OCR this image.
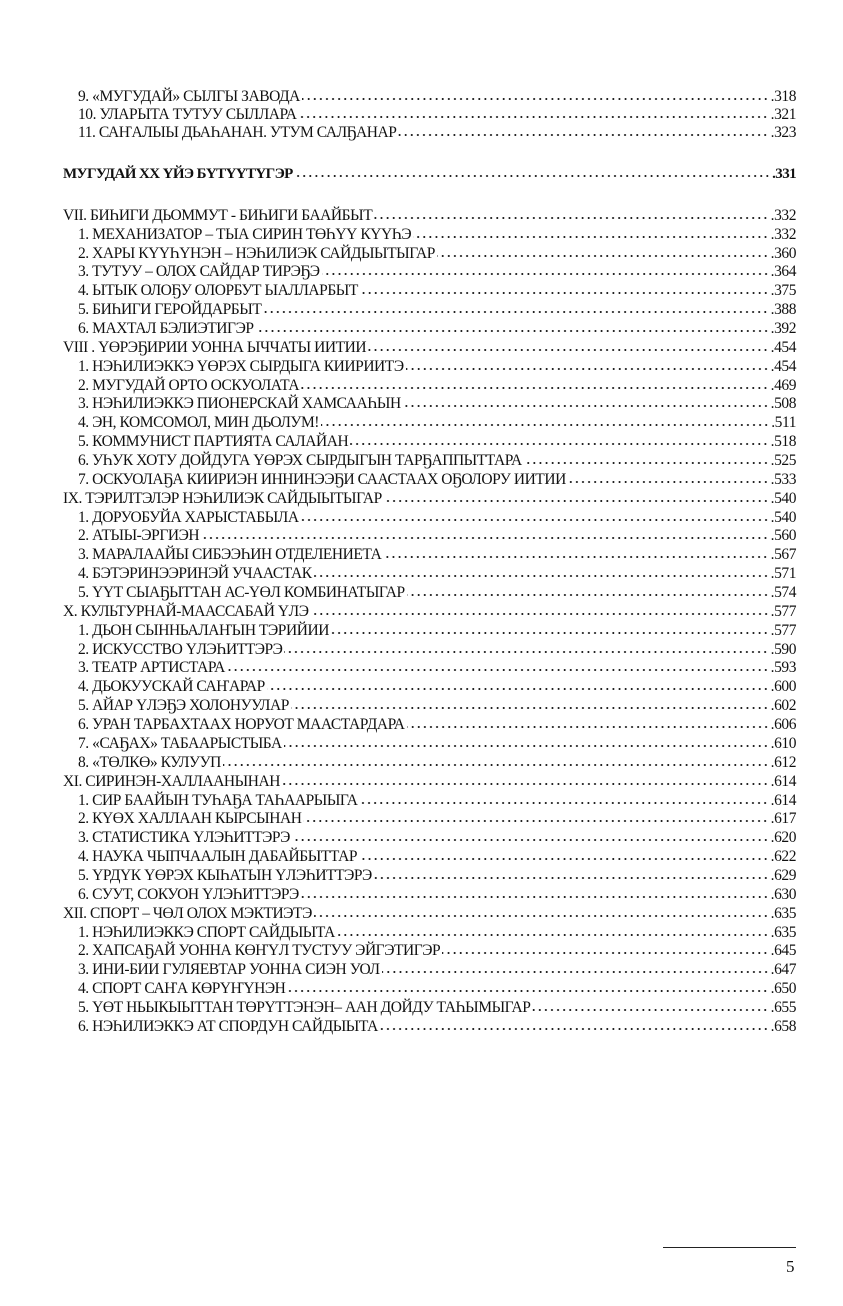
9. «МУГУДАЙ» СЫЛГЫ ЗАВОДА	.318
10. УЛАРЫТА ТУТУУ СЫЛЛАРА	.321
11. САҤАЛЫЫ ДЬАҺАНАН. УТУМ САЛҔАНАР	.323
МУГУДАЙ ХХ ҮЙЭ БҮТҮҮТҮГЭР	.331
VII. БИҺИГИ ДЬОММУТ - БИҺИГИ БААЙБЫТ	.332
1. МЕХАНИЗАТОР – ТЫА СИРИН ТӨҺҮҮ КҮҮҺЭ	.332
2. ХАРЫ КҮҮҺҮНЭН – НЭҺИЛИЭК САЙДЫЫТЫГАР	.360
3. ТУТУУ – ОЛОХ САЙДАР ТИРЭҔЭ	.364
4. ЫТЫК ОЛОҔУ ОЛОРБУТ ЫАЛЛАРБЫТ	.375
5. БИҺИГИ ГЕРОЙДАРБЫТ	.388
6. МАХТАЛ БЭЛИЭТИГЭР	.392
VIII . ҮӨРЭҔИРИИ УОННА ЫЧЧАТЫ ИИТИИ	.454
1. НЭҺИЛИЭККЭ ҮӨРЭХ СЫРДЫГА КИИРИИТЭ	.454
2. МУГУДАЙ ОРТО ОСКУОЛАТА	.469
3. НЭҺИЛИЭККЭ ПИОНЕРСКАЙ ХАМСААҺЫН	.508
4. ЭН, КОМСОМОЛ, МИН ДЬОЛУМ!	.511
5. КОММУНИСТ ПАРТИЯТА САЛАЙАН	.518
6. УҺУК ХОТУ ДОЙДУГА ҮӨРЭХ СЫРДЫГЫН ТАРҔАППЫТТАРА	.525
7. ОСКУОЛАҔА КИИРИЭН ИННИНЭЭҔИ СААСТААХ ОҔОЛОРУ ИИТИИ	.533
IX. ТЭРИЛТЭЛЭР НЭҺИЛИЭК САЙДЫЫТЫГАР	.540
1. ДОРУОБУЙА ХАРЫСТАБЫЛА	.540
2. АТЫЫ-ЭРГИЭН	.560
3. МАРАЛААЙЫ СИБЭЭҺИН ОТДЕЛЕНИЕТА	.567
4. БЭТЭРИНЭЭРИНЭЙ УЧААСТАК	.571
5. ҮҮТ СЫАҔЫТТАН АС-ҮӨЛ КОМБИНАТЫГАР	.574
X. КУЛЬТУРНАЙ-МААССАБАЙ ҮЛЭ	.577
1. ДЬОН СЫННЬАЛАҤЫН ТЭРИЙИИ	.577
2. ИСКУССТВО ҮЛЭҺИТТЭРЭ	.590
3. ТЕАТР АРТИСТАРА	.593
4. ДЬОКУУСКАЙ САҤАРАР	.600
5. АЙАР ҮЛЭҔЭ ХОЛОНУУЛАР	.602
6. УРАН ТАРБАХТААХ НОРУОТ МААСТАРДАРА	.606
7. «САҔАХ» ТАБААРЫСТЫБА	.610
8. «ТӨЛКӨ» КУЛУУП	.612
XI. СИРИНЭН-ХАЛЛААНЫНАН	.614
1. СИР БААЙЫН ТУҺАҔА ТАҺААРЫЫГА	.614
2. КҮӨХ ХАЛЛААН КЫРСЫНАН	.617
3. СТАТИСТИКА ҮЛЭҺИТТЭРЭ	.620
4. НАУКА ЧЫПЧААЛЫН ДАБАЙБЫТТАР	.622
5. ҮРДҮК ҮӨРЭХ КЫҺАТЫН ҮЛЭҺИТТЭРЭ	.629
6. СУУТ, СОКУОН ҮЛЭҺИТТЭРЭ	.630
XII. СПОРТ – ЧӨЛ ОЛОХ МЭКТИЭТЭ	.635
1. НЭҺИЛИЭККЭ СПОРТ САЙДЫЫТА	.635
2. ХАПСАҔАЙ УОННА КӨҤҮЛ ТУСТУУ ЭЙГЭТИГЭР	.645
3. ИНИ-БИИ ГУЛЯЕВТАР УОННА СИЭН УОЛ	.647
4. СПОРТ САҤА КӨРҮҤҮНЭН	.650
5. ҮӨТ НЬЫКЫЫТТАН ТӨРҮТТЭНЭН– ААН ДОЙДУ ТАҺЫМЫГАР	.655
6. НЭҺИЛИЭККЭ АТ СПОРДУН САЙДЫЫТА	.658
5
